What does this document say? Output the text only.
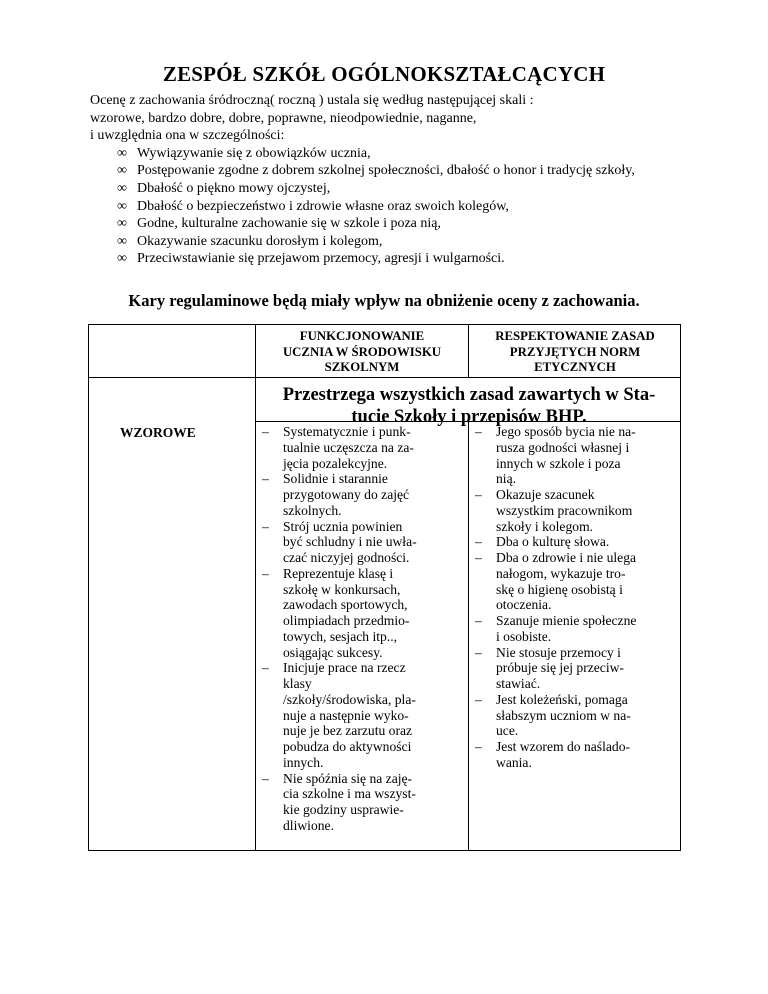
ZESPÓŁ SZKÓŁ OGÓLNOKSZTAŁCĄCYCH

Ocenę z zachowania śródroczną( roczną ) ustala się według następującej skali :

wzorowe, bardzo dobre, dobre, poprawne, nieodpowiednie, naganne,

i uwzględnia ona w szczególności:

∞ Wywiązywanie się z obowiązków ucznia,
∞ Postępowanie zgodne z dobrem szkolnej społeczności, dbałość o honor i tradycję szkoły,
∞ Dbałość o piękno mowy ojczystej,
∞ Dbałość o bezpieczeństwo i zdrowie własne oraz swoich kolegów,
∞ Godne, kulturalne zachowanie się w szkole i poza nią,
∞ Okazywanie szacunku dorosłym i kolegom,
∞ Przeciwstawianie się przejawom przemocy, agresji i wulgarności.
Kary regulaminowe będą miały wpływ na obniżenie oceny z zachowania.
FUNKCJONOWANIE
UCZNIA W ŚRODOWISKU
SZKOLNYM
RESPEKTOWANIE ZASAD
PRZYJĘTYCH NORM
ETYCZNYCH
Przestrzega wszystkich zasad zawartych w Sta-
tucie Szkoły i przepisów BHP.
WZOROWE	– Systematycznie i punk-
tualnie uczęszcza na za-
jęcia pozalekcyjne.
– Solidnie i starannie
przygotowany do zajęć
szkolnych.
– Strój ucznia powinien
być schludny i nie uwła-
czać niczyjej godności.
– Reprezentuje klasę i
szkołę w konkursach,
zawodach sportowych,
olimpiadach przedmio-
towych, sesjach itp..,
osiągając sukcesy.
– Inicjuje prace na rzecz
klasy
/szkoły/środowiska, pla-
nuje a następnie wyko-
nuje je bez zarzutu oraz
pobudza do aktywności
innych.
– Nie spóźnia się na zaję-
cia szkolne i ma wszyst-
kie godziny usprawie-
dliwione.
– Jego sposób bycia nie na-
rusza godności własnej i
innych w szkole i poza
nią.
– Okazuje szacunek
wszystkim pracownikom
szkoły i kolegom.
– Dba o kulturę słowa.
– Dba o zdrowie i nie ulega
nałogom, wykazuje tro-
skę o higienę osobistą i
otoczenia.
– Szanuje mienie społeczne
i osobiste.
– Nie stosuje przemocy i
próbuje się jej przeciw-
stawiać.
– Jest koleżeński, pomaga
słabszym uczniom w na-
uce.
– Jest wzorem do naślado-
wania.
